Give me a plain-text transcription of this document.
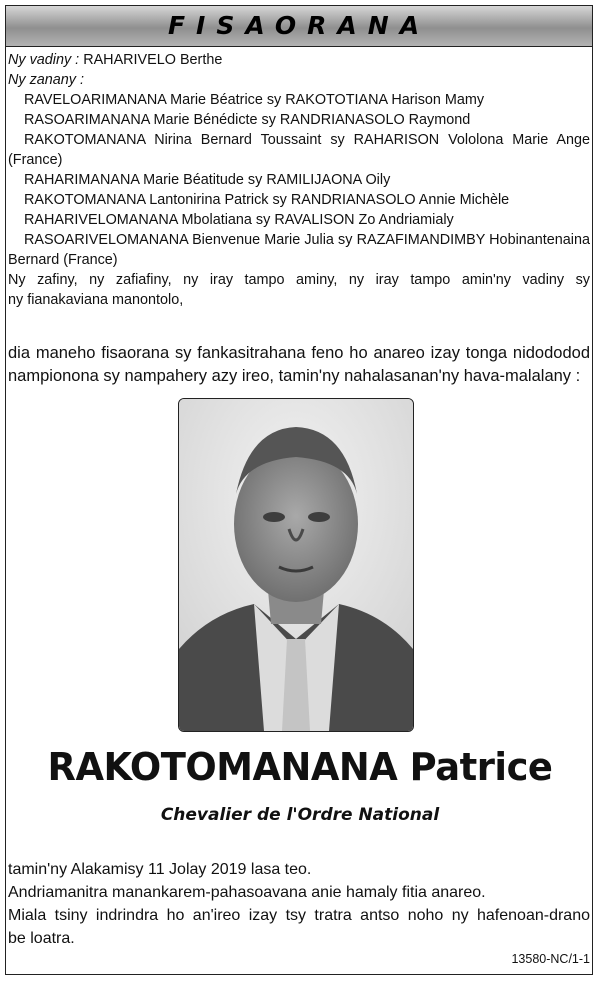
FISAORANA
Ny vadiny : RAHARIVELO Berthe
Ny zanany :
RAVELOARIMANANA Marie Béatrice sy RAKOTOTIANA Harison Mamy
RASOARIMANANA Marie Bénédicte sy RANDRIANASOLO Raymond
RAKOTOMANANA Nirina Bernard Toussaint sy RAHARISON Vololona Marie Ange
(France)
RAHARIMANANA Marie Béatitude sy RAMILIJAONA Oily
RAKOTOMANANA Lantonirina Patrick sy RANDRIANASOLO Annie Michèle
RAHARIVELOMANANA Mbolatiana sy RAVALISON Zo Andriamialy
RASOARIVELOMANANA Bienvenue Marie Julia sy RAZAFIMANDIMBY Hobinantenaina
Bernard (France)
Ny zafiny, ny zafiafiny, ny iray tampo aminy, ny iray tampo amin'ny vadiny sy
ny fianakaviana manontolo,
dia maneho fisaorana sy fankasitrahana feno ho anareo izay tonga nidododod
nampionona sy nampahery azy ireo, tamin'ny nahalasanan'ny hava-malalany :
RAKOTOMANANA Patrice
Chevalier de l'Ordre National
tamin'ny Alakamisy 11 Jolay 2019 lasa teo.
Andriamanitra manankarem-pahasoavana anie hamaly fitia anareo.
Miala tsiny indrindra ho an'ireo izay tsy tratra antso noho ny hafenoan-drano
be loatra.
13580-NC/1-1
